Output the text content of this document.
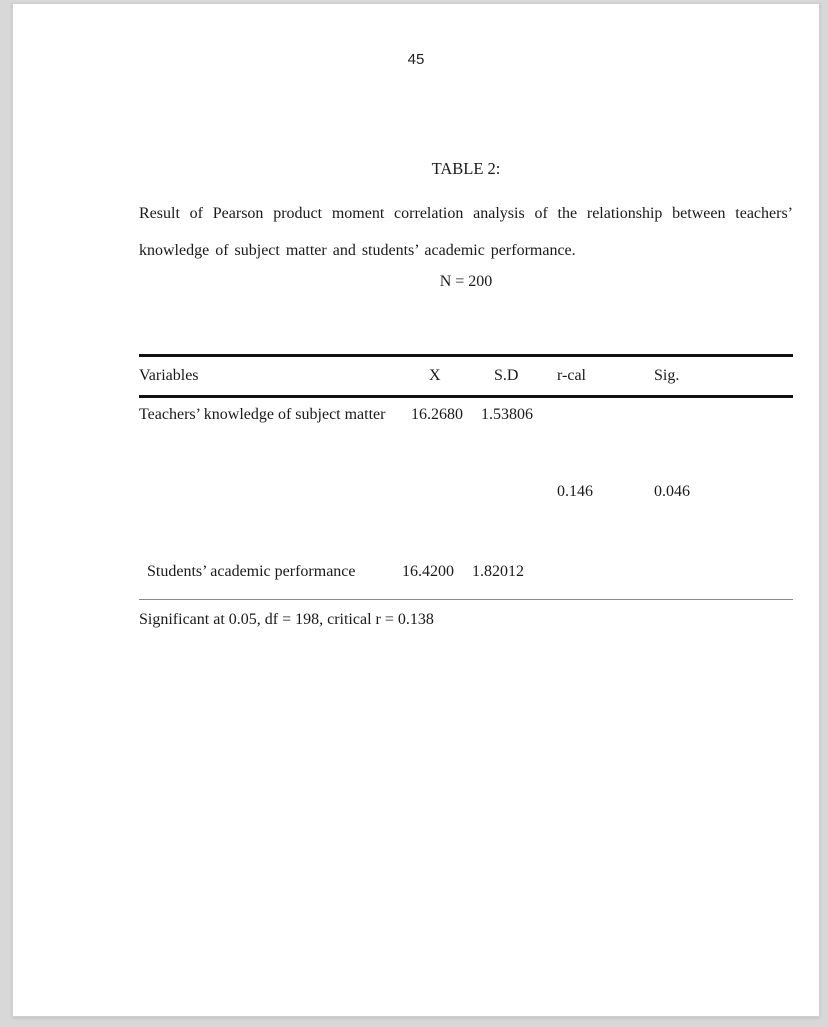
45
TABLE 2:
Result of Pearson product moment correlation analysis of the relationship between teachers’
knowledge of subject matter and students’ academic performance.
N = 200
Variables	X	S.D	r-cal	Sig.
Teachers’ knowledge of subject matter	16.2680	1.53806		
			0.146	0.046
Students’ academic performance	16.4200	1.82012		
Significant at 0.05, df = 198, critical r = 0.138
